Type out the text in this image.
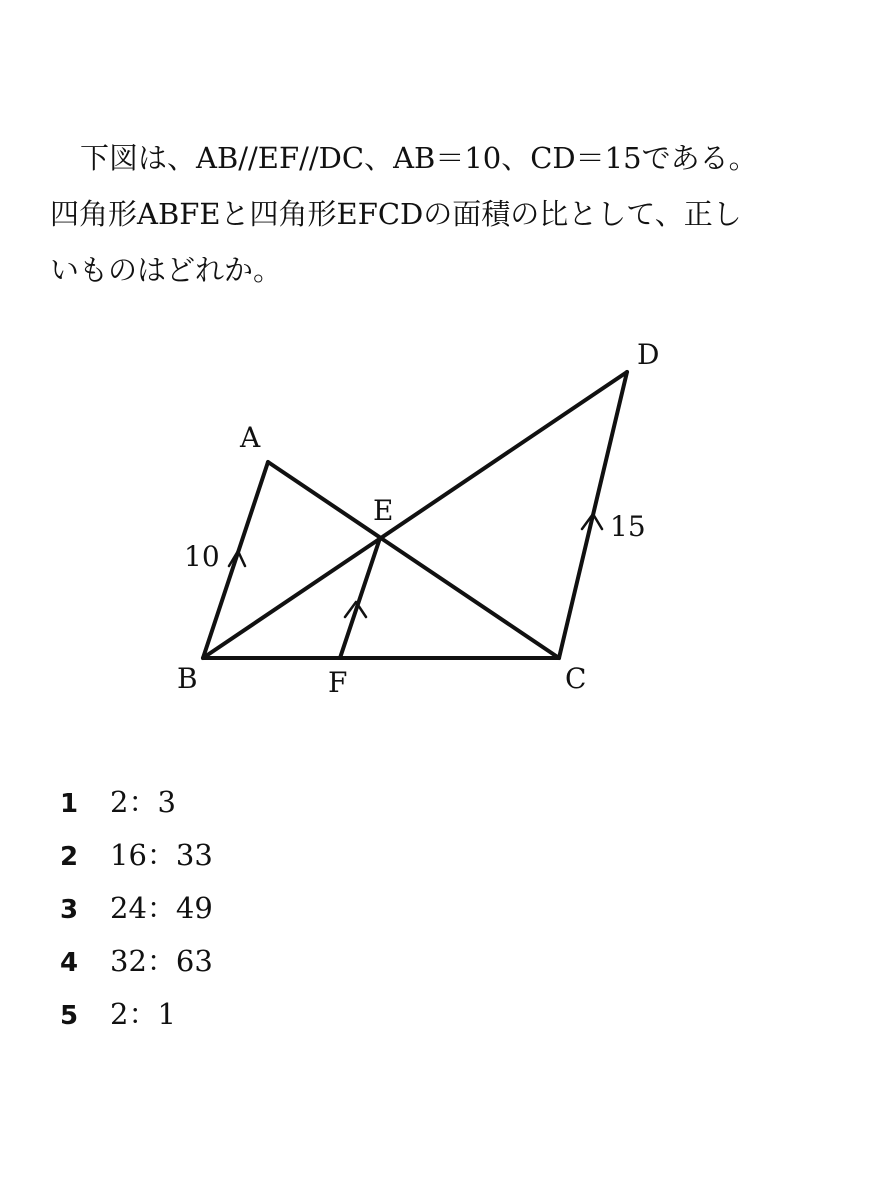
下図は、AB//EF//DC、AB＝10、CD＝15である。
四角形ABFEと四角形EFCDの面積の比として、正し
いものはどれか。
A
B	C
D
E
F
10
15
1 2：3
2 16：33
3 24：49
4 32：63
5 2：1
